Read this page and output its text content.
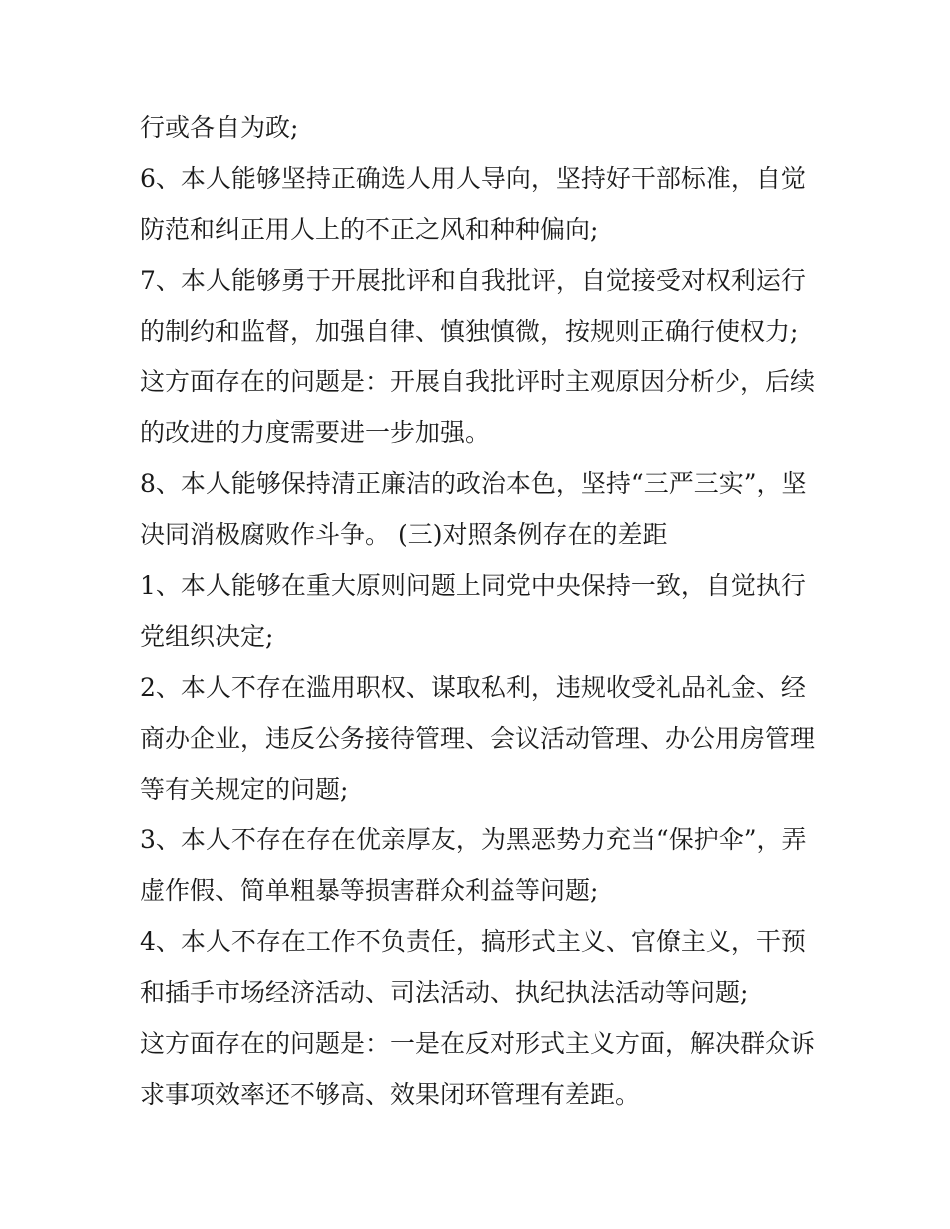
行或各自为政;
6、本人能够坚持正确选人用人导向，坚持好干部标准，自觉
防范和纠正用人上的不正之风和种种偏向;
7、本人能够勇于开展批评和自我批评，自觉接受对权利运行
的制约和监督，加强自律、慎独慎微，按规则正确行使权力;
这方面存在的问题是：开展自我批评时主观原因分析少，后续
的改进的力度需要进一步加强。
8、本人能够保持清正廉洁的政治本色，坚持“三严三实”，坚
决同消极腐败作斗争。 (三)对照条例存在的差距
1、本人能够在重大原则问题上同党中央保持一致，自觉执行
党组织决定;
2、本人不存在滥用职权、谋取私利，违规收受礼品礼金、经
商办企业，违反公务接待管理、会议活动管理、办公用房管理
等有关规定的问题;
3、本人不存在存在优亲厚友，为黑恶势力充当“保护伞”，弄
虚作假、简单粗暴等损害群众利益等问题;
4、本人不存在工作不负责任，搞形式主义、官僚主义，干预
和插手市场经济活动、司法活动、执纪执法活动等问题;
这方面存在的问题是：一是在反对形式主义方面，解决群众诉
求事项效率还不够高、效果闭环管理有差距。
